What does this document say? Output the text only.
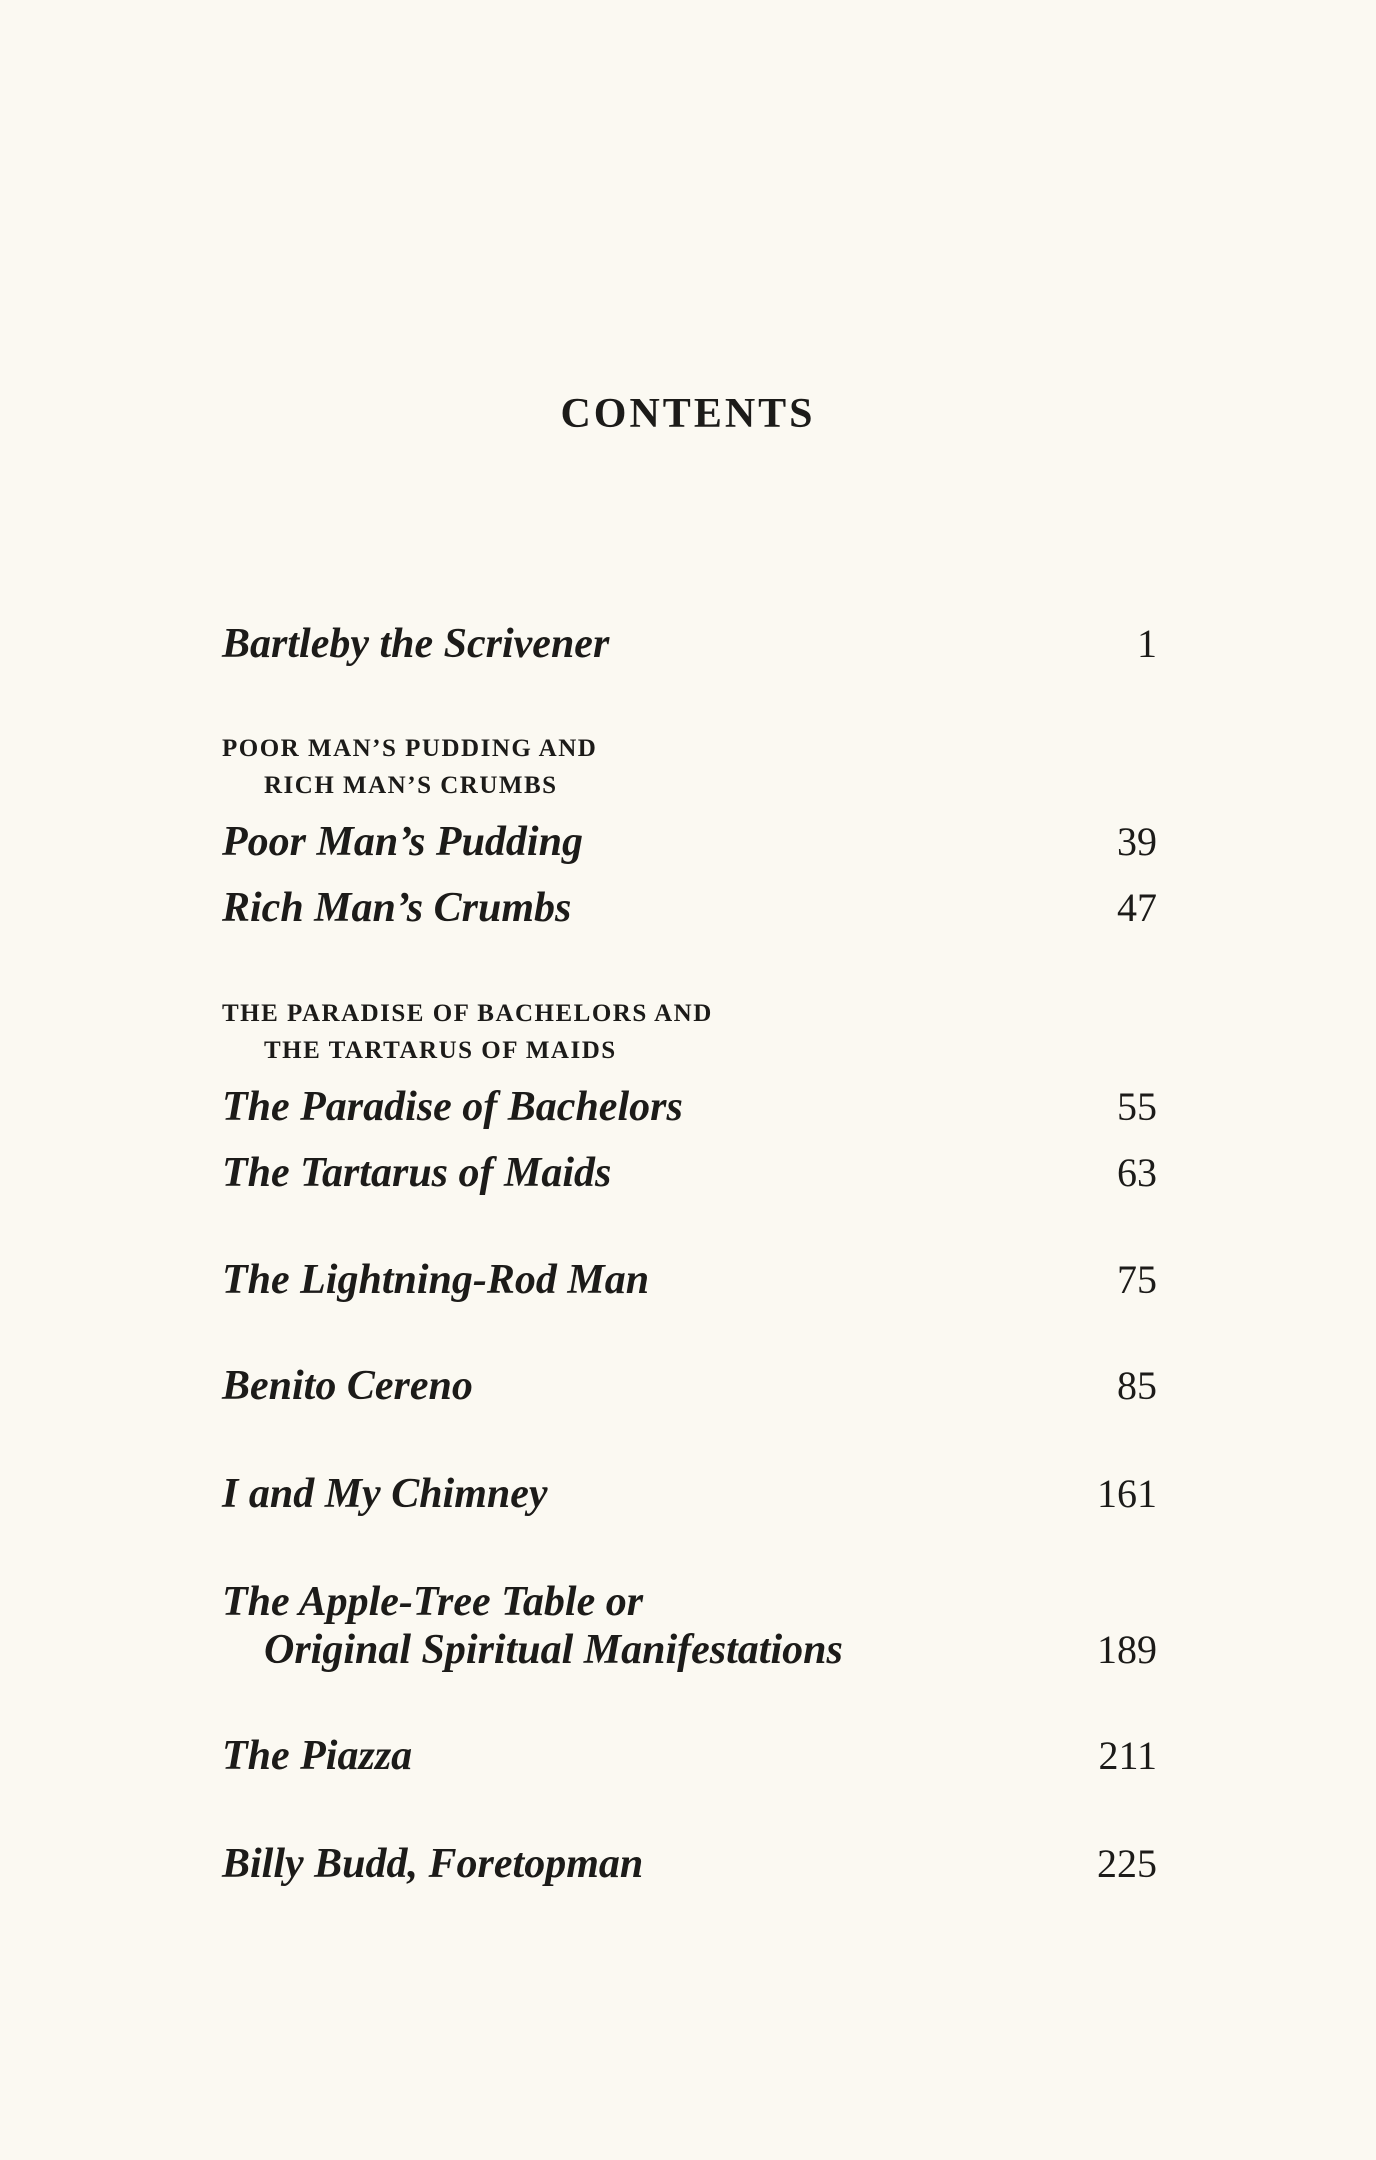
CONTENTS
Bartleby the Scrivener	1
POOR MAN’S PUDDING AND
RICH MAN’S CRUMBS
Poor Man’s Pudding	39
Rich Man’s Crumbs	47
THE PARADISE OF BACHELORS AND
THE TARTARUS OF MAIDS
The Paradise of Bachelors	55
The Tartarus of Maids	63
The Lightning-Rod Man	75
Benito Cereno	85
I and My Chimney	161
The Apple-Tree Table or
Original Spiritual Manifestations	189
The Piazza	211
Billy Budd, Foretopman	225
